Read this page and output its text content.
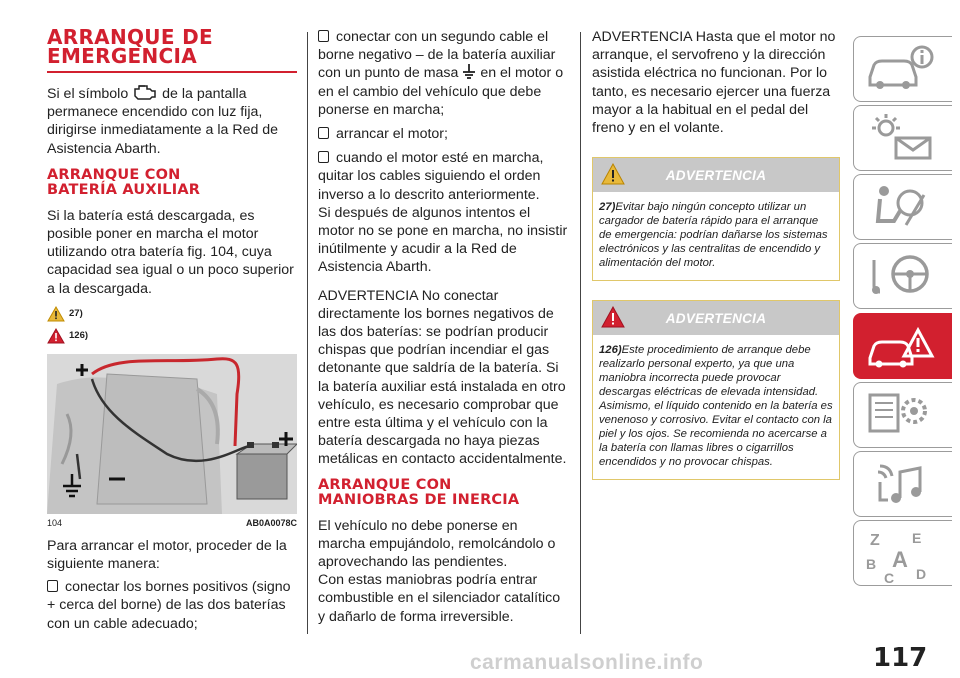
ARRANQUE DE
EMERGENCIA

Si el símbolo de la pantalla permanece encendido con luz fija, dirigirse inmediatamente a la Red de Asistencia Abarth.

ARRANQUE CON
BATERÍA AUXILIAR

Si la batería está descargada, es posible poner en marcha el motor utilizando otra batería fig. 104, cuya capacidad sea igual o un poco superior a la descargada.

27)
126)
104	AB0A0078C

Para arrancar el motor, proceder de la siguiente manera:

conectar los bornes positivos (signo + cerca del borne) de las dos baterías con un cable adecuado;

conectar con un segundo cable el borne negativo – de la batería auxiliar con un punto de masa en el motor o en el cambio del vehículo que debe ponerse en marcha;

arrancar el motor;

cuando el motor esté en marcha, quitar los cables siguiendo el orden inverso a lo descrito anteriormente.

Si después de algunos intentos el motor no se pone en marcha, no insistir inútilmente y acudir a la Red de Asistencia Abarth.

ADVERTENCIA No conectar directamente los bornes negativos de las dos baterías: se podrían producir chispas que podrían incendiar el gas detonante que saldría de la batería. Si la batería auxiliar está instalada en otro vehículo, es necesario comprobar que entre esta última y el vehículo con la batería descargada no haya piezas metálicas en contacto accidentalmente.

ARRANQUE CON
MANIOBRAS DE INERCIA

El vehículo no debe ponerse en marcha empujándolo, remolcándolo o aprovechando las pendientes.

Con estas maniobras podría entrar combustible en el silenciador catalítico y dañarlo de forma irreversible.

ADVERTENCIA Hasta que el motor no arranque, el servofreno y la dirección asistida eléctrica no funcionan. Por lo tanto, es necesario ejercer una fuerza mayor a la habitual en el pedal del freno y en el volante.

ADVERTENCIA
27)Evitar bajo ningún concepto utilizar un cargador de batería rápido para el arranque de emergencia: podrían dañarse los sistemas electrónicos y las centralitas de encendido y alimentación del motor.
ADVERTENCIA
126)Este procedimiento de arranque debe realizarlo personal experto, ya que una maniobra incorrecta puede provocar descargas eléctricas de elevada intensidad. Asimismo, el líquido contenido en la batería es venenoso y corrosivo. Evitar el contacto con la piel y los ojos. Se recomienda no acercarse a la batería con llamas libres o cigarrillos encendidos y no provocar chispas.
Z E
B A
C D
117
carmanualsonline.info
